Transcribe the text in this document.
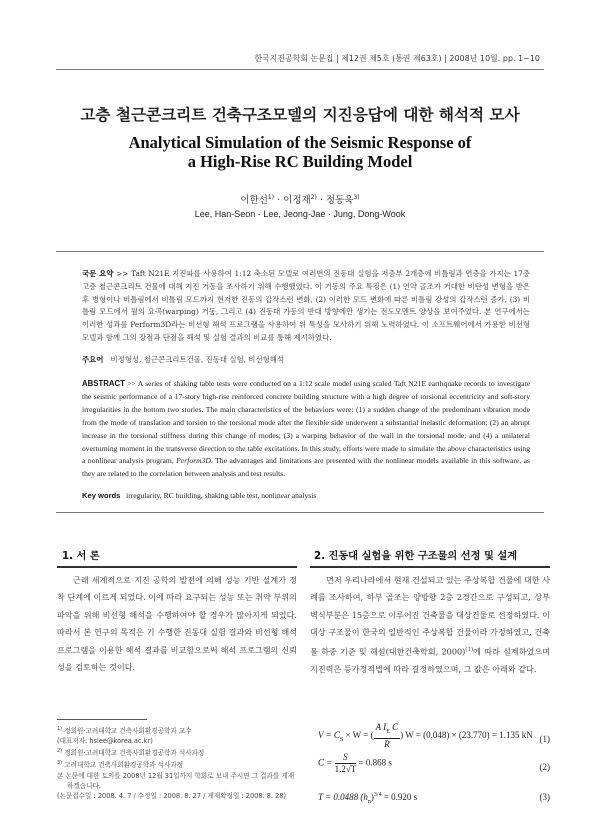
한국지진공학회 논문집 | 제12권 제5호 (통권 제63호) | 2008년 10월. pp. 1~10
고층 철근콘크리트 건축구조모델의 지진응답에 대한 해석적 모사
Analytical Simulation of the Seismic Response of
a High-Rise RC Building Model
이한선$^{1)}$ · 이정재$^{2)}$ · 정동욱$^{3)}$
Lee, Han-Seon · Lee, Jeong-Jae · Jung, Dong-Wook
국문 요약 >> Taft N21E 지진파를 사용하여 1:12 축소된 모델로 여러번의 진동대 실험을 저층부 2개층에 비틀림과 연층을 가지는 17층 고층 철근콘크리트 건물에 대해 지진 거동을 조사하기 위해 수행했었다. 이 거동의 주요 특징은 (1) 연약 골조가 거대한 비탄성 변형을 받은 후 병형이나 비틀림에서 비틀림 모드까지 현저한 진동의 갑작스런 변화, (2) 이러한 모드 변화에 따른 비틀림 강성의 갑작스런 증가, (3) 비틀림 모드에서 월의 요곡(warping) 거동, 그리고 (4) 진동대 가동의 반대 방향에만 생기는 전도모멘트 양상을 보여주었다. 본 연구에서는 이러한 성과를 Perform3D라는 비선형 해석 프로그램을 사용하여 위 특성을 모사하기 위해 노력하였다. 이 소프트웨어에서 가용한 비선형 모델과 함께 그의 장점과 단점을 해석 및 실험 결과의 비교를 통해 제시하였다.
주요어 비정형성, 철근콘크리트건물, 진동대 실험, 비선형해석
ABSTRACT >> A series of shaking table tests were conducted on a 1:12 scale model using scaled Taft N21E earthquake records to investigate the seismic performance of a 17-story high-rise reinforced concrete building structure with a high degree of torsional eccentricity and soft-story irregularities in the bottom two stories. The main characteristics of the behaviors were: (1) a sudden change of the predominant vibration mode from the mode of translation and torsion to the torsional mode after the flexible side underwent a substantial inelastic deformation; (2) an abrupt increase in the torsional stiffness during this change of modes; (3) a warping behavior of the wall in the torsional mode; and (4) a unilateral overturning moment in the transverse direction to the table excitations. In this study, efforts were made to simulate the above characteristics using a nonlinear analysis program, Perform3D. The advantages and limitations are presented with the nonlinear models available in this software, as they are related to the correlation between analysis and test results.
Key words irregularity, RC building, shaking table test, nonlinear analysis
1. 서 론

근래 세계적으로 지진 공학의 발전에 의해 성능 기반 설계가 정착 단계에 이르게 되었다. 이에 따라 요구되는 성능 또는 취약 부위의 파악을 위해 비선형 해석을 수행하여야 할 경우가 많아지게 되었다. 따라서 본 연구의 목적은 기 수행한 진동대 실험 결과와 비선형 해석프로그램을 이용한 해석 결과를 비교함으로써 해석 프로그램의 신뢰성을 검토하는 것이다.

$^{1)}$ 정회원·고려대학교 건축사회환경공학과 교수
(대표저자: hslee@korea.ac.kr)
$^{2)}$ 정회원·고려대학교 건축사회환경공학과 석사과정
$^{3)}$ 고려대학교 건축사회환경공학과 석사과정
본 논문에 대한 토의를 2008년 12월 31일까지 학회로 보내 주시면 그 결과를 게재하겠습니다.
(논문접수일 : 2008. 4. 7 / 수정일 : 2008. 8. 27 / 게재확정일 : 2008. 8. 28)
2. 진동대 실험을 위한 구조물의 선정 및 설계

먼저 우리나라에서 현재 건설되고 있는 주상복합 건물에 대한 사례를 조사하여, 하부 골조는 양방향 2층 2경간으로 구성되고, 상부 벽식부분은 15층으로 이루어진 건축물을 대상건물로 선정하였다. 이 대상 구조물이 한국의 일반적인 주상복합 건물이라 가정하였고, 건축물 하중 기준 및 해설(대한건축학회, 2000)$^{(1)}$에 따라 설계하였으며 지진력은 등가정적법에 따라 결정하였으며, 그 값은 아래와 같다.

$V = C_S \times W$ = ( $\frac{A I_E C}{R}$ ) W = (0.048) × (23.770) = 1.135 kN (1)
$C = \frac{S}{1.2√T} = 0.868$ s	(2)
T = 0.0488 $(h_n)^{3/4} = 0.920$ s	(3)
